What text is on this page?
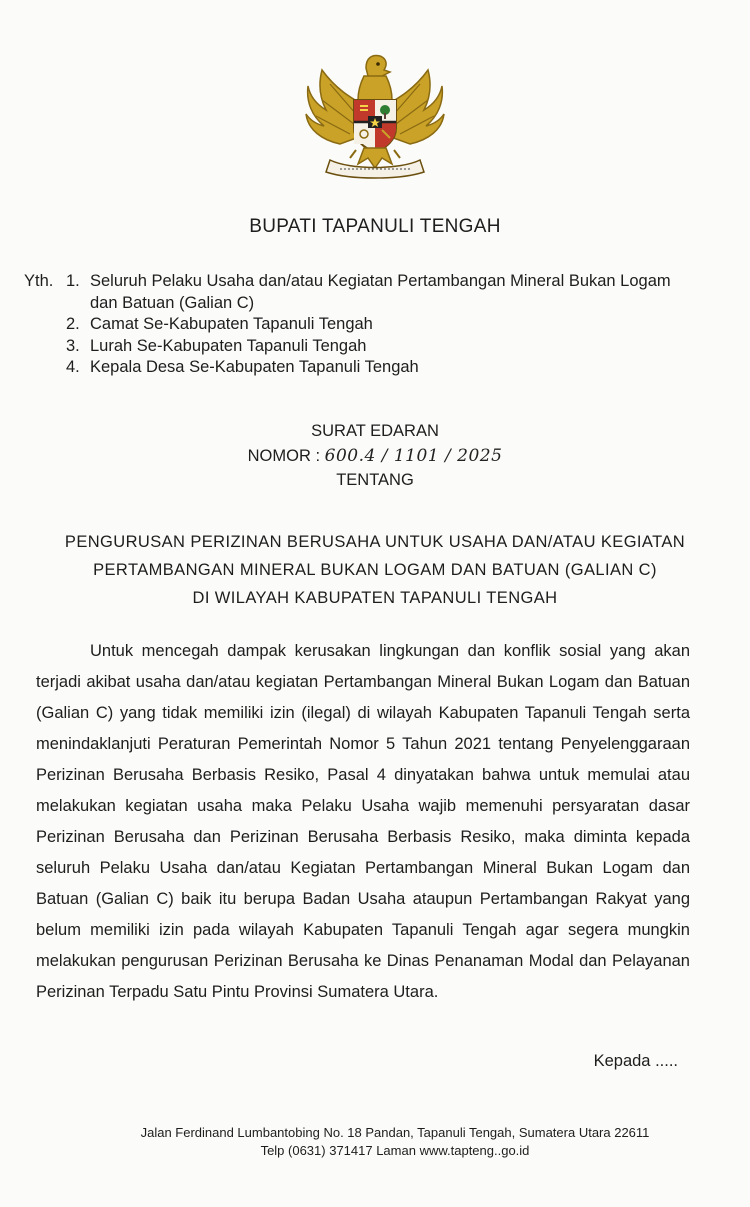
BUPATI TAPANULI TENGAH
Yth. 1. Seluruh Pelaku Usaha dan/atau Kegiatan Pertambangan Mineral Bukan Logam dan Batuan (Galian C)
2. Camat Se-Kabupaten Tapanuli Tengah
3. Lurah Se-Kabupaten Tapanuli Tengah
4. Kepala Desa Se-Kabupaten Tapanuli Tengah
SURAT EDARAN
NOMOR : 600.4 / 1101 / 2025
TENTANG
PENGURUSAN PERIZINAN BERUSAHA UNTUK USAHA DAN/ATAU KEGIATAN
PERTAMBANGAN MINERAL BUKAN LOGAM DAN BATUAN (GALIAN C)
DI WILAYAH KABUPATEN TAPANULI TENGAH
Untuk mencegah dampak kerusakan lingkungan dan konflik sosial yang akan terjadi akibat usaha dan/atau kegiatan Pertambangan Mineral Bukan Logam dan Batuan (Galian C) yang tidak memiliki izin (ilegal) di wilayah Kabupaten Tapanuli Tengah serta menindaklanjuti Peraturan Pemerintah Nomor 5 Tahun 2021 tentang Penyelenggaraan Perizinan Berusaha Berbasis Resiko, Pasal 4 dinyatakan bahwa untuk memulai atau melakukan kegiatan usaha maka Pelaku Usaha wajib memenuhi persyaratan dasar Perizinan Berusaha dan Perizinan Berusaha Berbasis Resiko, maka diminta kepada seluruh Pelaku Usaha dan/atau Kegiatan Pertambangan Mineral Bukan Logam dan Batuan (Galian C) baik itu berupa Badan Usaha ataupun Pertambangan Rakyat yang belum memiliki izin pada wilayah Kabupaten Tapanuli Tengah agar segera mungkin melakukan pengurusan Perizinan Berusaha ke Dinas Penanaman Modal dan Pelayanan Perizinan Terpadu Satu Pintu Provinsi Sumatera Utara.
Kepada .....
Jalan Ferdinand Lumbantobing No. 18 Pandan, Tapanuli Tengah, Sumatera Utara 22611
Telp (0631) 371417 Laman www.tapteng..go.id
